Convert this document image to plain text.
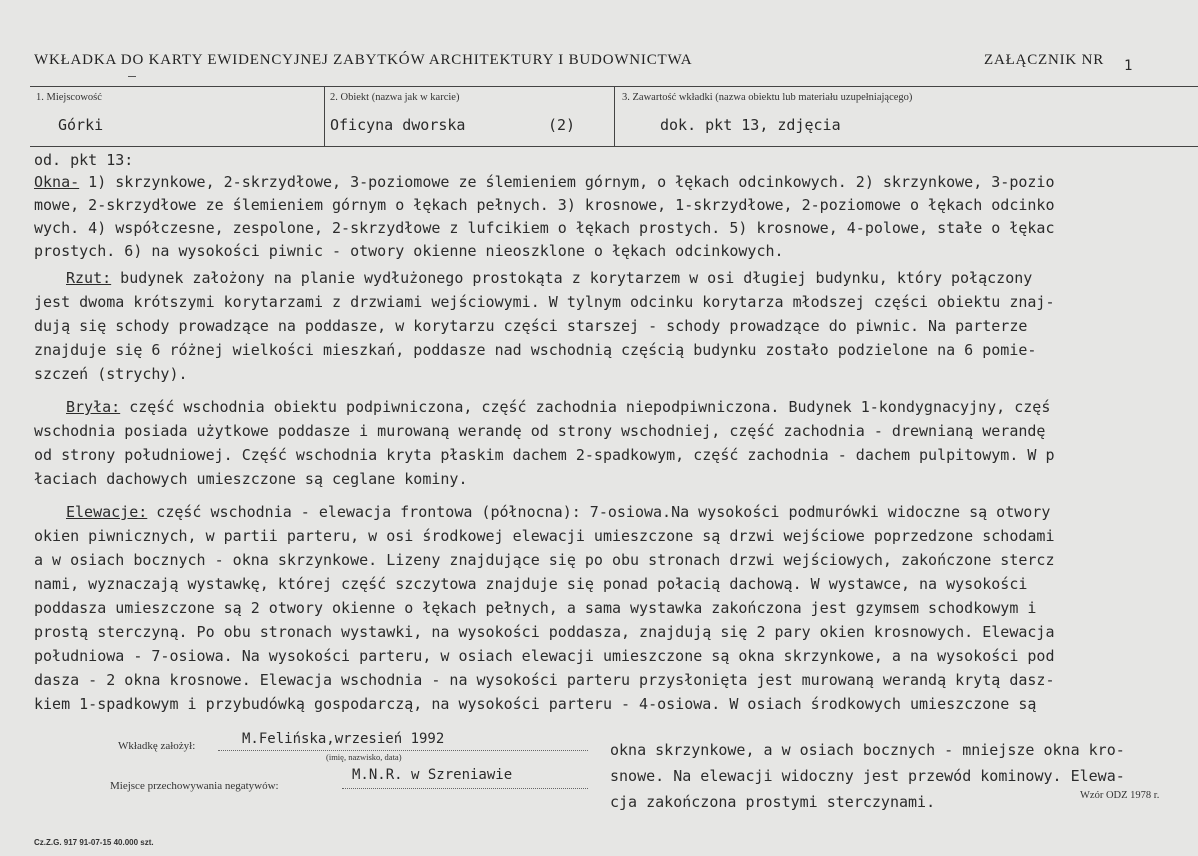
WKŁADKA DO KARTY EWIDENCYJNEJ ZABYTKÓW ARCHITEKTURY I BUDOWNICTWA	ZAŁĄCZNIK NR 1
1. Miejscowość
Górki
2. Obiekt (nazwa jak w karcie)
Oficyna dworska	(2)
3. Zawartość wkładki (nazwa obiektu lub materiału uzupełniającego)
dok. pkt 13, zdjęcia
od. pkt 13:
Okna- 1) skrzynkowe, 2-skrzydłowe, 3-poziomowe ze ślemieniem górnym, o łękach odcinkowych. 2) skrzynkowe, 3-pozio
mowe, 2-skrzydłowe ze ślemieniem górnym o łękach pełnych. 3) krosnowe, 1-skrzydłowe, 2-poziomowe o łękach odcinko
wych. 4) współczesne, zespolone, 2-skrzydłowe z lufcikiem o łękach prostych. 5) krosnowe, 4-polowe, stałe o łękac
prostych. 6) na wysokości piwnic - otwory okienne nieoszklone o łękach odcinkowych.
Rzut: budynek założony na planie wydłużonego prostokąta z korytarzem w osi długiej budynku, który połączony
jest dwoma krótszymi korytarzami z drzwiami wejściowymi. W tylnym odcinku korytarza młodszej części obiektu znaj-
dują się schody prowadzące na poddasze, w korytarzu części starszej - schody prowadzące do piwnic. Na parterze
znajduje się 6 różnej wielkości mieszkań, poddasze nad wschodnią częścią budynku zostało podzielone na 6 pomie-
szczeń (strychy).
Bryła: część wschodnia obiektu podpiwniczona, część zachodnia niepodpiwniczona. Budynek 1-kondygnacyjny, częś
wschodnia posiada użytkowe poddasze i murowaną werandę od strony wschodniej, część zachodnia - drewnianą werandę
od strony południowej. Część wschodnia kryta płaskim dachem 2-spadkowym, część zachodnia - dachem pulpitowym. W p
łaciach dachowych umieszczone są ceglane kominy.
Elewacje: część wschodnia - elewacja frontowa (północna): 7-osiowa.Na wysokości podmurówki widoczne są otwory
okien piwnicznych, w partii parteru, w osi środkowej elewacji umieszczone są drzwi wejściowe poprzedzone schodami
a w osiach bocznych - okna skrzynkowe. Lizeny znajdujące się po obu stronach drzwi wejściowych, zakończone stercz
nami, wyznaczają wystawkę, której część szczytowa znajduje się ponad połacią dachową. W wystawce, na wysokości
poddasza umieszczone są 2 otwory okienne o łękach pełnych, a sama wystawka zakończona jest gzymsem schodkowym i
prostą sterczyną. Po obu stronach wystawki, na wysokości poddasza, znajdują się 2 pary okien krosnowych. Elewacja
południowa - 7-osiowa. Na wysokości parteru, w osiach elewacji umieszczone są okna skrzynkowe, a na wysokości pod
dasza - 2 okna krosnowe. Elewacja wschodnia - na wysokości parteru przysłonięta jest murowaną werandą krytą dasz-
kiem 1-spadkowym i przybudówką gospodarczą, na wysokości parteru - 4-osiowa. W osiach środkowych umieszczone są
Wkładkę założył:	M.Felińska,wrzesień 1992
(imię, nazwisko, data)
Miejsce przechowywania negatywów:
M.N.R. w Szreniawie
okna skrzynkowe, a w osiach bocznych - mniejsze okna kro-
snowe. Na elewacji widoczny jest przewód kominowy. Elewa-
cja zakończona prostymi sterczynami.	Wzór ODZ 1978 r.
Cz.Z.G. 917 91-07-15 40.000 szt.
